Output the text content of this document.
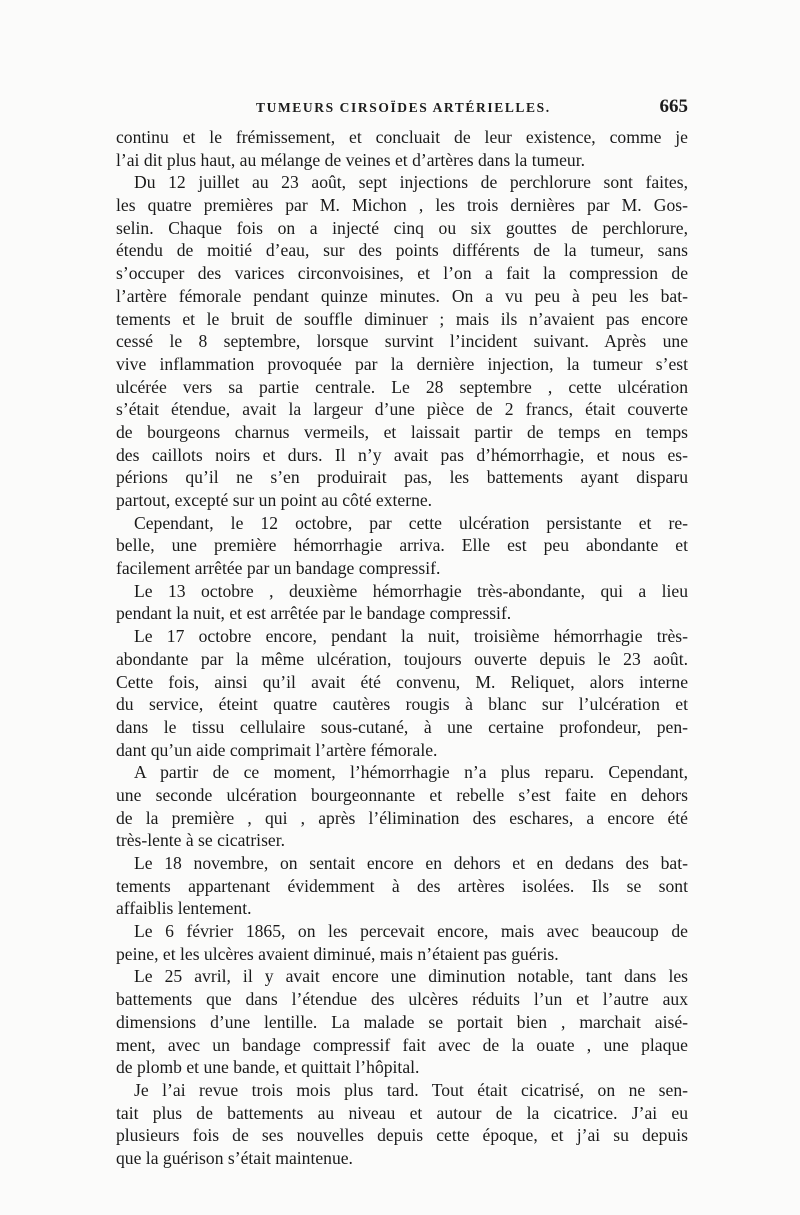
TUMEURS CIRSOÏDES ARTÉRIELLES.	665
continu et le frémissement, et concluait de leur existence, comme je
l’ai dit plus haut, au mélange de veines et d’artères dans la tumeur.
Du 12 juillet au 23 août, sept injections de perchlorure sont faites,
les quatre premières par M. Michon , les trois dernières par M. Gos-
selin. Chaque fois on a injecté cinq ou six gouttes de perchlorure,
étendu de moitié d’eau, sur des points différents de la tumeur, sans
s’occuper des varices circonvoisines, et l’on a fait la compression de
l’artère fémorale pendant quinze minutes. On a vu peu à peu les bat-
tements et le bruit de souffle diminuer ; mais ils n’avaient pas encore
cessé le 8 septembre, lorsque survint l’incident suivant. Après une
vive inflammation provoquée par la dernière injection, la tumeur s’est
ulcérée vers sa partie centrale. Le 28 septembre , cette ulcération
s’était étendue, avait la largeur d’une pièce de 2 francs, était couverte
de bourgeons charnus vermeils, et laissait partir de temps en temps
des caillots noirs et durs. Il n’y avait pas d’hémorrhagie, et nous es-
périons qu’il ne s’en produirait pas, les battements ayant disparu
partout, excepté sur un point au côté externe.
Cependant, le 12 octobre, par cette ulcération persistante et re-
belle, une première hémorrhagie arriva. Elle est peu abondante et
facilement arrêtée par un bandage compressif.
Le 13 octobre , deuxième hémorrhagie très-abondante, qui a lieu
pendant la nuit, et est arrêtée par le bandage compressif.
Le 17 octobre encore, pendant la nuit, troisième hémorrhagie très-
abondante par la même ulcération, toujours ouverte depuis le 23 août.
Cette fois, ainsi qu’il avait été convenu, M. Reliquet, alors interne
du service, éteint quatre cautères rougis à blanc sur l’ulcération et
dans le tissu cellulaire sous-cutané, à une certaine profondeur, pen-
dant qu’un aide comprimait l’artère fémorale.
A partir de ce moment, l’hémorrhagie n’a plus reparu. Cependant,
une seconde ulcération bourgeonnante et rebelle s’est faite en dehors
de la première , qui , après l’élimination des eschares, a encore été
très-lente à se cicatriser.
Le 18 novembre, on sentait encore en dehors et en dedans des bat-
tements appartenant évidemment à des artères isolées. Ils se sont
affaiblis lentement.
Le 6 février 1865, on les percevait encore, mais avec beaucoup de
peine, et les ulcères avaient diminué, mais n’étaient pas guéris.
Le 25 avril, il y avait encore une diminution notable, tant dans les
battements que dans l’étendue des ulcères réduits l’un et l’autre aux
dimensions d’une lentille. La malade se portait bien , marchait aisé-
ment, avec un bandage compressif fait avec de la ouate , une plaque
de plomb et une bande, et quittait l’hôpital.
Je l’ai revue trois mois plus tard. Tout était cicatrisé, on ne sen-
tait plus de battements au niveau et autour de la cicatrice. J’ai eu
plusieurs fois de ses nouvelles depuis cette époque, et j’ai su depuis
que la guérison s’était maintenue.
